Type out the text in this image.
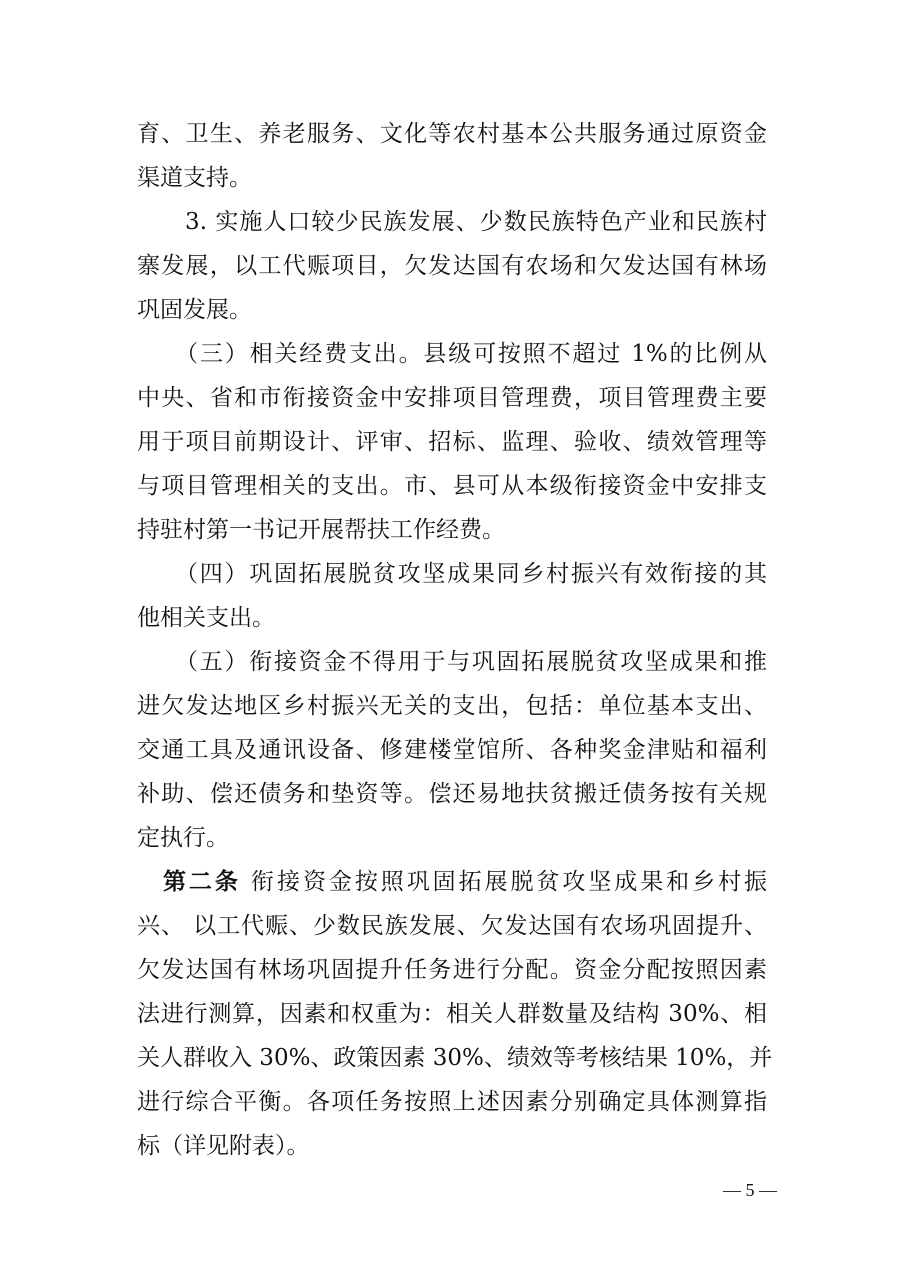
育、卫生、养老服务、文化等农村基本公共服务通过原资金
渠道支持。
　　3. 实施人口较少民族发展、少数民族特色产业和民族村
寨发展，以工代赈项目，欠发达国有农场和欠发达国有林场
巩固发展。
　　（三）相关经费支出。县级可按照不超过 1%的比例从
中央、省和市衔接资金中安排项目管理费，项目管理费主要
用于项目前期设计、评审、招标、监理、验收、绩效管理等
与项目管理相关的支出。市、县可从本级衔接资金中安排支
持驻村第一书记开展帮扶工作经费。
　　（四）巩固拓展脱贫攻坚成果同乡村振兴有效衔接的其
他相关支出。
　　（五）衔接资金不得用于与巩固拓展脱贫攻坚成果和推
进欠发达地区乡村振兴无关的支出，包括：单位基本支出、
交通工具及通讯设备、修建楼堂馆所、各种奖金津贴和福利
补助、偿还债务和垫资等。偿还易地扶贫搬迁债务按有关规
定执行。
　第二条 衔接资金按照巩固拓展脱贫攻坚成果和乡村振
兴、 以工代赈、少数民族发展、欠发达国有农场巩固提升、
欠发达国有林场巩固提升任务进行分配。资金分配按照因素
法进行测算，因素和权重为：相关人群数量及结构 30%、相
关人群收入 30%、政策因素 30%、绩效等考核结果 10%，并
进行综合平衡。各项任务按照上述因素分别确定具体测算指
标（详见附表）。
— 5 —
